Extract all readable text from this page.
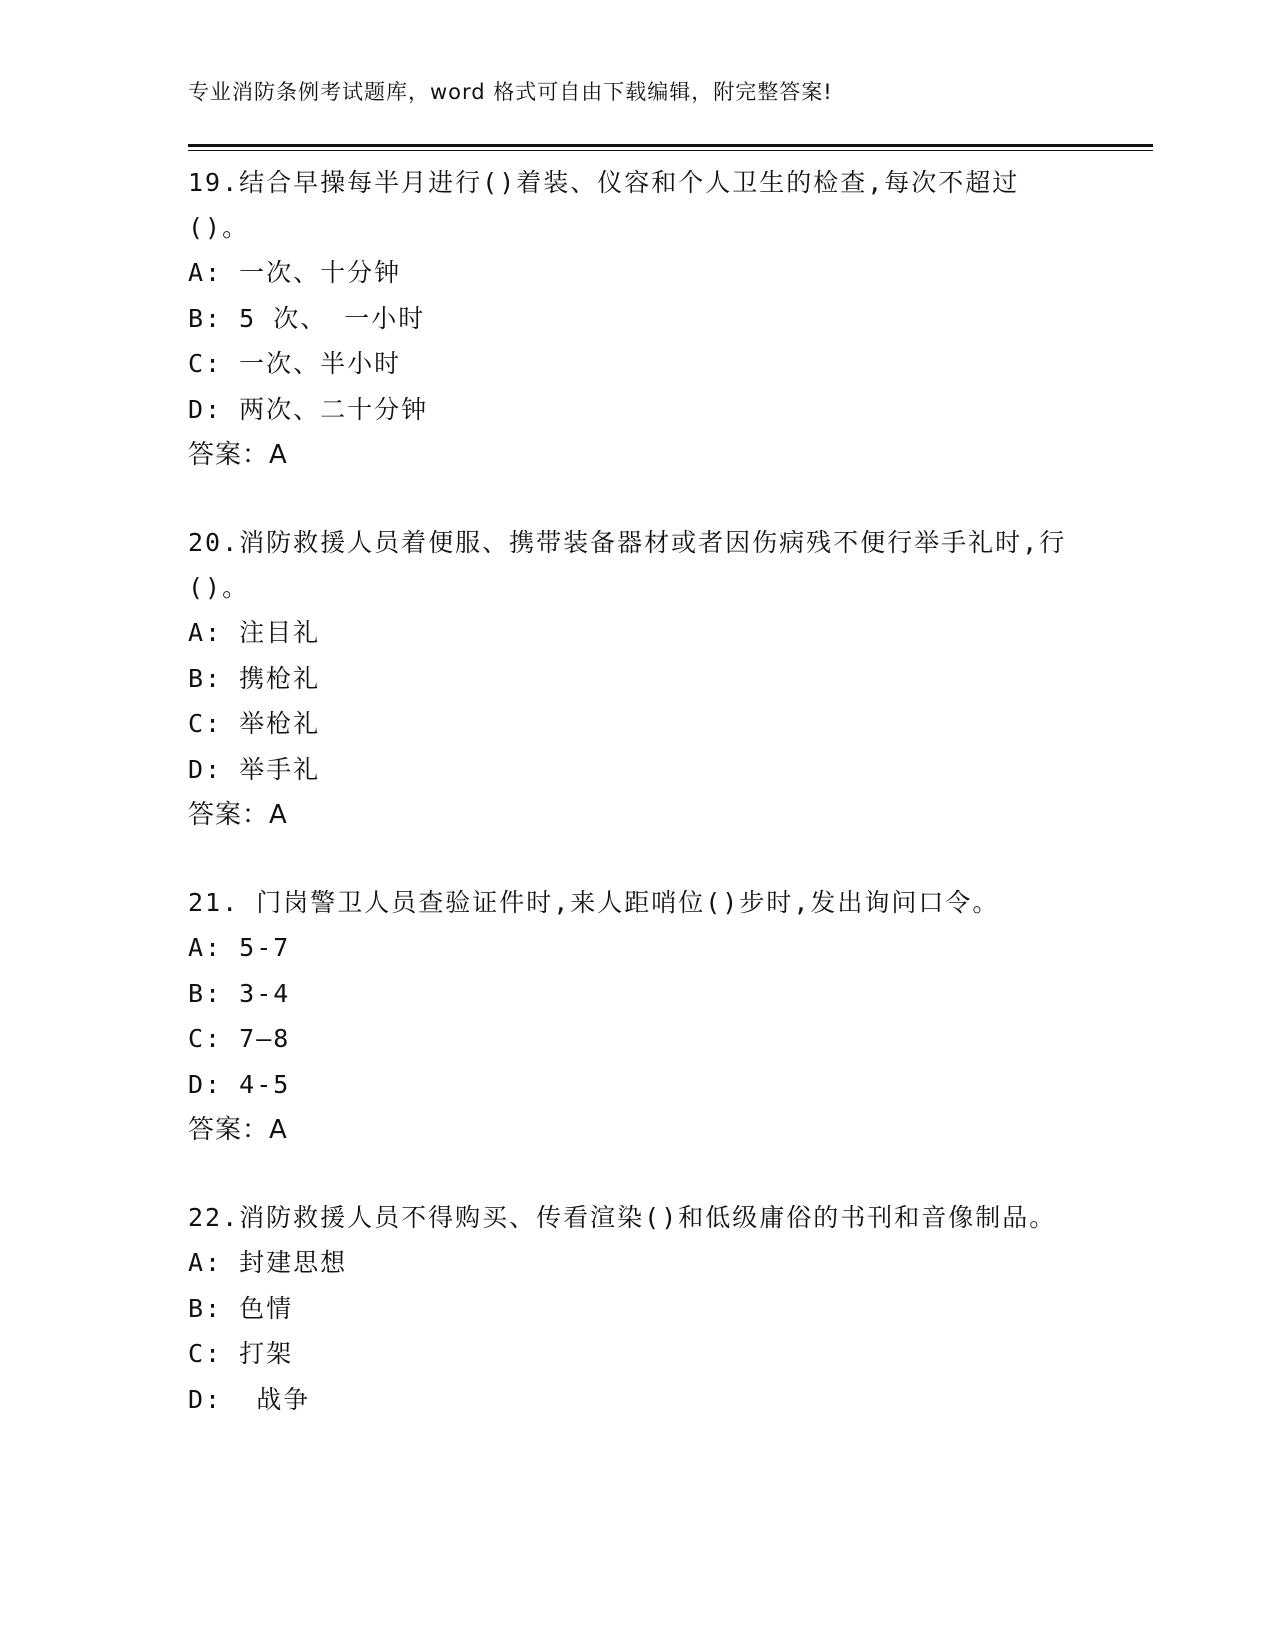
专业消防条例考试题库，word 格式可自由下载编辑，附完整答案!

19.结合早操每半月进行()着装、仪容和个人卫生的检查,每次不超过()。

A: 一次、十分钟

B: 5 次、 一小时

C: 一次、半小时

D: 两次、二十分钟

答案：A

20.消防救援人员着便服、携带装备器材或者因伤病残不便行举手礼时,行()。

A: 注目礼

B: 携枪礼

C: 举枪礼

D: 举手礼

答案：A

21. 门岗警卫人员查验证件时,来人距哨位()步时,发出询问口令。

A: 5-7

B: 3-4

C: 7—8

D: 4-5

答案：A

22.消防救援人员不得购买、传看渲染()和低级庸俗的书刊和音像制品。

A: 封建思想

B: 色情

C: 打架

D:  战争
